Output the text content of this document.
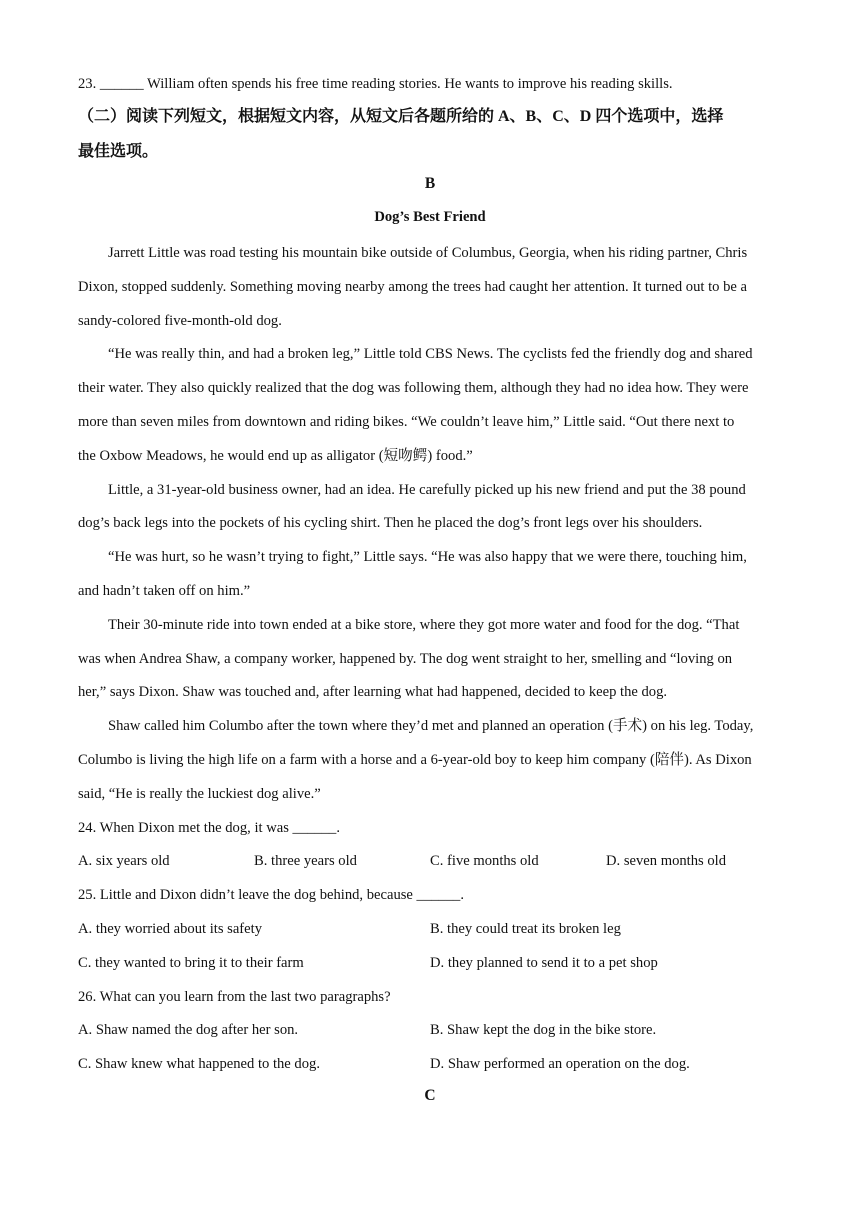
23. ______ William often spends his free time reading stories. He wants to improve his reading skills.
（二）阅读下列短文，根据短文内容，从短文后各题所给的 A、B、C、D 四个选项中，选择
最佳选项。
B
Dog’s Best Friend
Jarrett Little was road testing his mountain bike outside of Columbus, Georgia, when his riding partner, Chris
Dixon, stopped suddenly. Something moving nearby among the trees had caught her attention. It turned out to be a
sandy-colored five-month-old dog.
“He was really thin, and had a broken leg,” Little told CBS News. The cyclists fed the friendly dog and shared
their water. They also quickly realized that the dog was following them, although they had no idea how. They were
more than seven miles from downtown and riding bikes. “We couldn’t leave him,” Little said. “Out there next to
the Oxbow Meadows, he would end up as alligator (短吻鳄) food.”
Little, a 31-year-old business owner, had an idea. He carefully picked up his new friend and put the 38 pound
dog’s back legs into the pockets of his cycling shirt. Then he placed the dog’s front legs over his shoulders.
“He was hurt, so he wasn’t trying to fight,” Little says. “He was also happy that we were there, touching him,
and hadn’t taken off on him.”
Their 30-minute ride into town ended at a bike store, where they got more water and food for the dog. “That
was when Andrea Shaw, a company worker, happened by. The dog went straight to her, smelling and “loving on
her,” says Dixon. Shaw was touched and, after learning what had happened, decided to keep the dog.
Shaw called him Columbo after the town where they’d met and planned an operation (手术) on his leg. Today,
Columbo is living the high life on a farm with a horse and a 6-year-old boy to keep him company (陪伴). As Dixon
said, “He is really the luckiest dog alive.”
24. When Dixon met the dog, it was ______.
A. six years old	B. three years old	C. five months old	D. seven months old
25. Little and Dixon didn’t leave the dog behind, because ______.
A. they worried about its safety	B. they could treat its broken leg
C. they wanted to bring it to their farm	D. they planned to send it to a pet shop
26. What can you learn from the last two paragraphs?
A. Shaw named the dog after her son.	B. Shaw kept the dog in the bike store.
C. Shaw knew what happened to the dog.	D. Shaw performed an operation on the dog.
C
